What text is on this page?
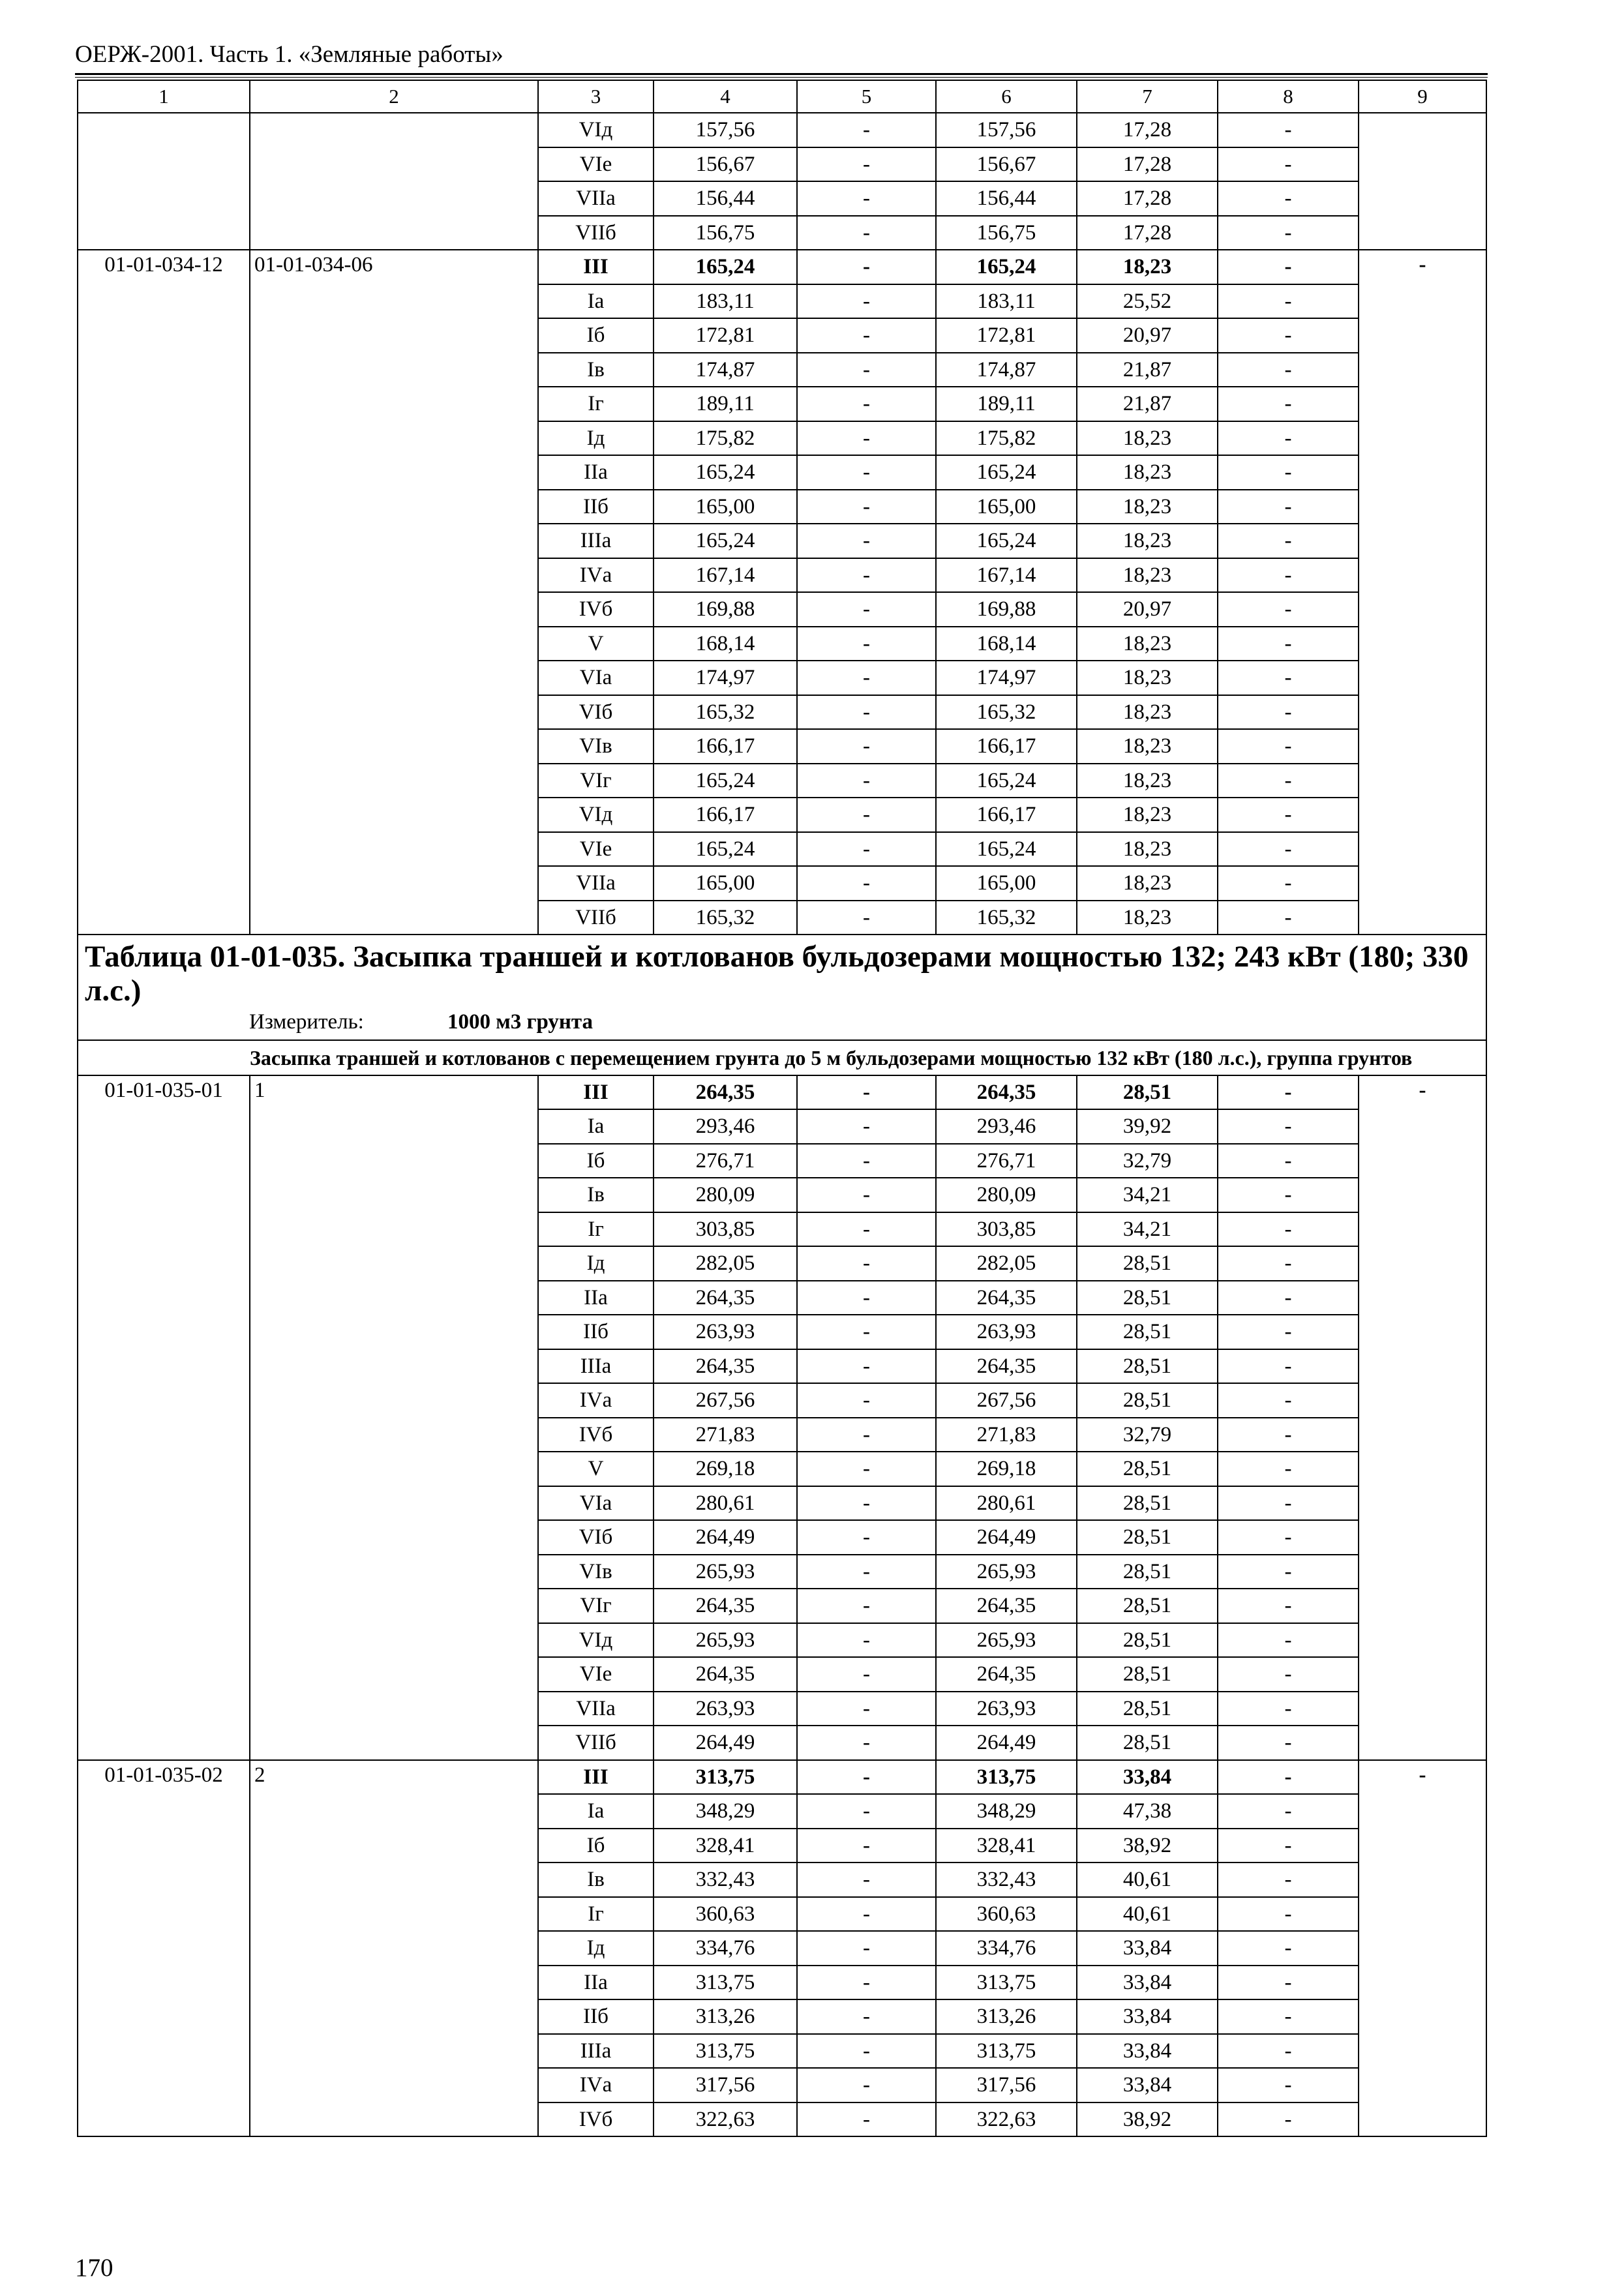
ОЕРЖ-2001. Часть 1. «Земляные работы»
1	2	3	4	5	6	7	8	9
		VIд	157,56	-	157,56	17,28	-	
		VIе	156,67	-	156,67	17,28	-	
		VIIа	156,44	-	156,44	17,28	-	
		VIIб	156,75	-	156,75	17,28	-	
01-01-034-12	01-01-034-06	III	165,24	-	165,24	18,23	-	-
		Iа	183,11	-	183,11	25,52	-	
		Iб	172,81	-	172,81	20,97	-	
		Iв	174,87	-	174,87	21,87	-	
		Iг	189,11	-	189,11	21,87	-	
		Iд	175,82	-	175,82	18,23	-	
		IIа	165,24	-	165,24	18,23	-	
		IIб	165,00	-	165,00	18,23	-	
		IIIа	165,24	-	165,24	18,23	-	
		IVа	167,14	-	167,14	18,23	-	
		IVб	169,88	-	169,88	20,97	-	
		V	168,14	-	168,14	18,23	-	
		VIа	174,97	-	174,97	18,23	-	
		VIб	165,32	-	165,32	18,23	-	
		VIв	166,17	-	166,17	18,23	-	
		VIг	165,24	-	165,24	18,23	-	
		VIд	166,17	-	166,17	18,23	-	
		VIе	165,24	-	165,24	18,23	-	
		VIIа	165,00	-	165,00	18,23	-	
		VIIб	165,32	-	165,32	18,23	-	
Таблица 01-01-035. Засыпка траншей и котлованов бульдозерами мощностью 132; 243 кВт (180; 330 л.с.)								
Измеритель: 1000 м3 грунта								
	Засыпка траншей и котлованов с перемещением грунта до 5 м бульдозерами мощностью 132 кВт (180 л.с.), группа грунтов							
01-01-035-01	1	III	264,35	-	264,35	28,51	-	-
		Iа	293,46	-	293,46	39,92	-	
		Iб	276,71	-	276,71	32,79	-	
		Iв	280,09	-	280,09	34,21	-	
		Iг	303,85	-	303,85	34,21	-	
		Iд	282,05	-	282,05	28,51	-	
		IIа	264,35	-	264,35	28,51	-	
		IIб	263,93	-	263,93	28,51	-	
		IIIа	264,35	-	264,35	28,51	-	
		IVа	267,56	-	267,56	28,51	-	
		IVб	271,83	-	271,83	32,79	-	
		V	269,18	-	269,18	28,51	-	
		VIа	280,61	-	280,61	28,51	-	
		VIб	264,49	-	264,49	28,51	-	
		VIв	265,93	-	265,93	28,51	-	
		VIг	264,35	-	264,35	28,51	-	
		VIд	265,93	-	265,93	28,51	-	
		VIе	264,35	-	264,35	28,51	-	
		VIIа	263,93	-	263,93	28,51	-	
		VIIб	264,49	-	264,49	28,51	-	
01-01-035-02	2	III	313,75	-	313,75	33,84	-	-
		Iа	348,29	-	348,29	47,38	-	
		Iб	328,41	-	328,41	38,92	-	
		Iв	332,43	-	332,43	40,61	-	
		Iг	360,63	-	360,63	40,61	-	
		Iд	334,76	-	334,76	33,84	-	
		IIа	313,75	-	313,75	33,84	-	
		IIб	313,26	-	313,26	33,84	-	
		IIIа	313,75	-	313,75	33,84	-	
		IVа	317,56	-	317,56	33,84	-	
		IVб	322,63	-	322,63	38,92	-	
170
